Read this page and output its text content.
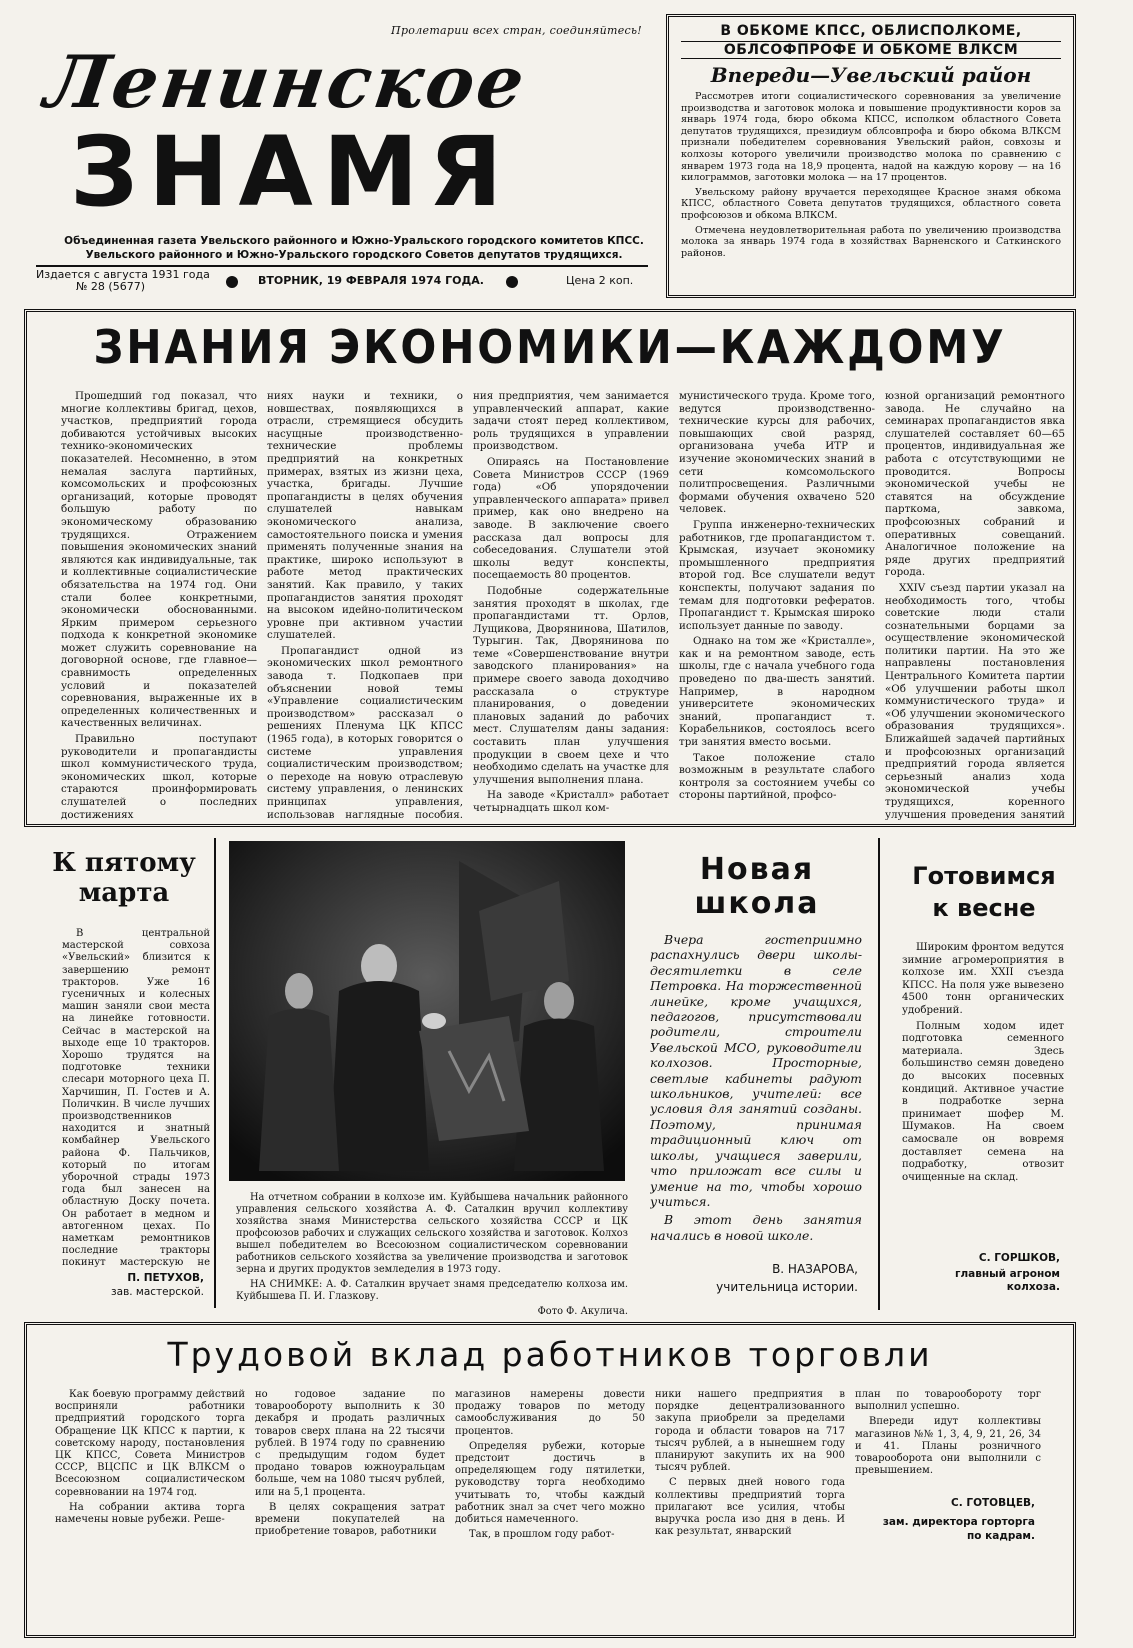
Пролетарии всех стран, соединяйтесь!
Ленинское
ЗНАМЯ
Объединенная газета Увельского районного и Южно-Уральского городского комитетов КПСС.
Увельского районного и Южно-Уральского городского Советов депутатов трудящихся.
Издается с августа 1931 года
№ 28 (5677)	ВТОРНИК, 19 ФЕВРАЛЯ 1974 ГОДА.	Цена 2 коп.
В ОБКОМЕ КПСС, ОБЛИСПОЛКОМЕ,
ОБЛСОФПРОФЕ И ОБКОМЕ ВЛКСМ
Впереди—Увельский район

Рассмотрев итоги социалистического соревнования за увеличение производства и заготовок молока и повышение продуктивности коров за январь 1974 года, бюро обкома КПСС, исполком областного Совета депутатов трудящихся, президиум облсовпрофа и бюро обкома ВЛКСМ признали победителем соревнования Увельский район, совхозы и колхозы которого увеличили производство молока по сравнению с январем 1973 года на 18,9 процента, надой на каждую корову — на 16 килограммов, заготовки молока — на 17 процентов.

Увельскому району вручается переходящее Красное знамя обкома КПСС, областного Совета депутатов трудящихся, областного совета профсоюзов и обкома ВЛКСМ.

Отмечена неудовлетворительная работа по увеличению производства молока за январь 1974 года в хозяйствах Варненского и Саткинского районов.

ЗНАНИЯ ЭКОНОМИКИ—КАЖДОМУ

Прошедший год показал, что многие коллективы бригад, цехов, участков, предприятий города добиваются устойчивых высоких технико-экономических показателей. Несомненно, в этом немалая заслуга партийных, комсомольских и профсоюзных организаций, которые проводят большую работу по экономическому образованию трудящихся. Отражением повышения экономических знаний являются как индивидуальные, так и коллективные социалистические обязательства на 1974 год. Они стали более конкретными, экономически обоснованными. Ярким примером серьезного подхода к конкретной экономике может служить соревнование на договорной основе, где главное—сравнимость определенных условий и показателей соревнования, выраженные их в определенных количественных и качественных величинах.

Правильно поступают руководители и пропагандисты школ коммунистического труда, экономических школ, которые стараются проинформировать слушателей о последних достижениях

ниях науки и техники, о новшествах, появляющихся в отрасли, стремящиеся обсудить насущные производственно-технические проблемы предприятий на конкретных примерах, взятых из жизни цеха, участка, бригады. Лучшие пропагандисты в целях обучения слушателей навыкам экономического анализа, самостоятельного поиска и умения применять полученные знания на практике, широко используют в работе метод практических занятий. Как правило, у таких пропагандистов занятия проходят на высоком идейно-политическом уровне при активном участии слушателей.

Пропагандист одной из экономических школ ремонтного завода т. Подкопаев при объяснении новой темы «Управление социалистическим производством» рассказал о решениях Пленума ЦК КПСС (1965 года), в которых говорится о системе управления социалистическим производством; о переходе на новую отраслевую систему управления, о ленинских принципах управления, использовав наглядные пособия.

ния предприятия, чем занимается управленческий аппарат, какие задачи стоят перед коллективом, роль трудящихся в управлении производством.

Опираясь на Постановление Совета Министров СССР (1969 года) «Об упорядочении управленческого аппарата» привел пример, как оно внедрено на заводе. В заключение своего рассказа дал вопросы для собеседования. Слушатели этой школы ведут конспекты, посещаемость 80 процентов.

Подобные содержательные занятия проходят в школах, где пропагандистами тт. Орлов, Лущикова, Дворянинова, Шатилов, Турыгин. Так, Дворянинова по теме «Совершенствование внутри заводского планирования» на примере своего завода доходчиво рассказала о структуре планирования, о доведении плановых заданий до рабочих мест. Слушателям даны задания: составить план улучшения продукции в своем цехе и что необходимо сделать на участке для улучшения выполнения плана.

На заводе «Кристалл» работает четырнадцать школ ком-

мунистического труда. Кроме того, ведутся производственно-технические курсы для рабочих, повышающих свой разряд, организована учеба ИТР и изучение экономических знаний в сети комсомольского политпросвещения. Различными формами обучения охвачено 520 человек.

Группа инженерно-технических работников, где пропагандистом т. Крымская, изучает экономику промышленного предприятия второй год. Все слушатели ведут конспекты, получают задания по темам для подготовки рефератов. Пропагандист т. Крымская широко использует данные по заводу.

Однако на том же «Кристалле», как и на ремонтном заводе, есть школы, где с начала учебного года проведено по два-шесть занятий. Например, в народном университете экономических знаний, пропагандист т. Корабельников, состоялось всего три занятия вместо восьми.

Такое положение стало возможным в результате слабого контроля за состоянием учебы со стороны партийной, профсо-

юзной организаций ремонтного завода. Не случайно на семинарах пропагандистов явка слушателей составляет 60—65 процентов, индивидуальная же работа с отсутствующими не проводится. Вопросы экономической учебы не ставятся на обсуждение парткома, завкома, профсоюзных собраний и оперативных совещаний. Аналогичное положение на ряде других предприятий города.

XXIV съезд партии указал на необходимость того, чтобы советские люди стали сознательными борцами за осуществление экономической политики партии. На это же направлены постановления Центрального Комитета партии «Об улучшении работы школ коммунистического труда» и «Об улучшении экономического образования трудящихся». Ближайшей задачей партийных и профсоюзных организаций предприятий города является серьезный анализ хода экономической учебы трудящихся, коренного улучшения проведения занятий

К пятому марта

В центральной мастерской совхоза «Увельский» близится к завершению ремонт тракторов. Уже 16 гусеничных и колесных машин заняли свои места на линейке готовности. Сейчас в мастерской на выходе еще 10 тракторов. Хорошо трудятся на подготовке техники слесари моторного цеха П. Харчишин, П. Гостев и А. Поличкин. В числе лучших производственников находится и знатный комбайнер Увельского района Ф. Пальчиков, который по итогам уборочной страды 1973 года был занесен на областную Доску почета. Он работает в медном и автогенном цехах. По наметкам ремонтников последние тракторы покинут мастерскую не

П. ПЕТУХОВ,
зав. мастерской.

На отчетном собрании в колхозе им. Куйбышева начальник районного управления сельского хозяйства А. Ф. Саталкин вручил коллективу хозяйства знамя Министерства сельского хозяйства СССР и ЦК профсоюзов рабочих и служащих сельского хозяйства и заготовок. Колхоз вышел победителем во Всесоюзном социалистическом соревновании работников сельского хозяйства за увеличение производства и заготовок зерна и других продуктов земледелия в 1973 году.

НА СНИМКЕ: А. Ф. Саталкин вручает знамя председателю колхоза им. Куйбышева П. И. Глазкову.

Фото Ф. Акулича.
Новая
школа

Вчера гостеприимно распахнулись двери школы-десятилетки в селе Петровка. На торжественной линейке, кроме учащихся, педагогов, присутствовали родители, строители Увельской МСО, руководители колхозов. Просторные, светлые кабинеты радуют школьников, учителей: все условия для занятий созданы. Поэтому, принимая традиционный ключ от школы, учащиеся заверили, что приложат все силы и умение на то, чтобы хорошо учиться.

В этот день занятия начались в новой школе.

В. НАЗАРОВА,
учительница истории.
Готовимся
к весне

Широким фронтом ведутся зимние агромероприятия в колхозе им. XXII съезда КПСС. На поля уже вывезено 4500 тонн органических удобрений.

Полным ходом идет подготовка семенного материала. Здесь большинство семян доведено до высоких посевных кондиций. Активное участие в подработке зерна принимает шофер М. Шумаков. На своем самосвале он вовремя доставляет семена на подработку, отвозит очищенные на склад.

С. ГОРШКОВ,
главный агроном колхоза.
Трудовой вклад работников торговли

Как боевую программу действий восприняли работники предприятий городского торга Обращение ЦК КПСС к партии, к советскому народу, постановления ЦК КПСС, Совета Министров СССР, ВЦСПС и ЦК ВЛКСМ о Всесоюзном социалистическом соревновании на 1974 год.

На собрании актива торга намечены новые рубежи. Реше-

но годовое задание по товарообороту выполнить к 30 декабря и продать различных товаров сверх плана на 22 тысячи рублей. В 1974 году по сравнению с предыдущим годом будет продано товаров южноуральцам больше, чем на 1080 тысяч рублей, или на 5,1 процента.

В целях сокращения затрат времени покупателей на приобретение товаров, работники

магазинов намерены довести продажу товаров по методу самообслуживания до 50 процентов.

Определяя рубежи, которые предстоит достичь в определяющем году пятилетки, руководству торга необходимо учитывать то, чтобы каждый работник знал за счет чего можно добиться намеченного.

Так, в прошлом году работ-

ники нашего предприятия в порядке децентрализованного закупа приобрели за пределами города и области товаров на 717 тысяч рублей, а в нынешнем году планируют закупить их на 900 тысяч рублей.

С первых дней нового года коллективы предприятий торга прилагают все усилия, чтобы выручка росла изо дня в день. И как результат, январский

план по товарообороту торг выполнил успешно.

Впереди идут коллективы магазинов №№ 1, 3, 4, 9, 21, 26, 34 и 41. Планы розничного товарооборота они выполнили с превышением.

С. ГОТОВЦЕВ,
зам. директора горторга по кадрам.
